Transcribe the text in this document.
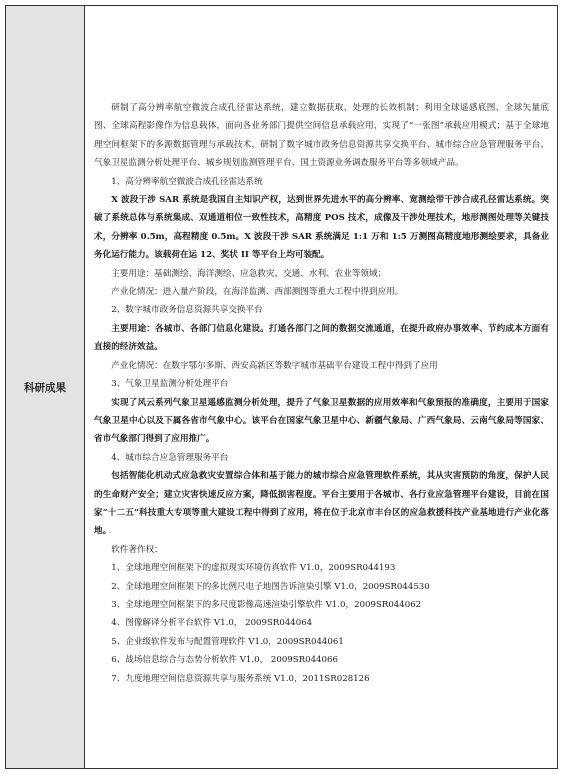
科研成果

研制了高分辨率航空微波合成孔径雷达系统，建立数据获取、处理的长效机制；利用全球遥感底图、全球矢量底图、全球高程影像作为信息载体，面向各业务部门提供空间信息承载应用，实现了“一张图”承载应用模式；基于全球地理空间框架下的多源数据管理与承载技术，研制了数字城市政务信息资源共享交换平台、城市综合应急管理服务平台、气象卫星监测分析处理平台、城乡规划监测管理平台、国土资源业务调查服务平台等多领域产品。

1、高分辨率航空微波合成孔径雷达系统

X 波段干涉 SAR 系统是我国自主知识产权，达到世界先进水平的高分辨率、宽测绘带干涉合成孔径雷达系统。突破了系统总体与系统集成、双通道相位一致性技术，高精度 POS 技术，成像及干涉处理技术，地形测图处理等关键技术，分辨率 0.5m，高程精度 0.5m。X 波段干涉 SAR 系统满足 1:1 万和 1:5 万测图高精度地形测绘要求，具备业务化运行能力。该载荷在运 12、奖状 II 等平台上均可装配。

主要用途：基础测绘、海洋测绘、应急救灾、交通、水利、农业等领域；

产业化情况：进入量产阶段，在海洋监测、西部测图等重大工程中得到应用。

2、数字城市政务信息资源共享交换平台

主要用途：各城市、各部门信息化建设。打通各部门之间的数据交流通道，在提升政府办事效率、节约成本方面有直接的经济效益。

产业化情况：在数字鄂尔多斯、西安高新区等数字城市基础平台建设工程中得到了应用

3、气象卫星监测分析处理平台

实现了风云系列气象卫星遥感监测分析处理，提升了气象卫星数据的应用效率和气象预报的准确度，主要用于国家气象卫星中心以及下属各省市气象中心。该平台在国家气象卫星中心、新疆气象局、广西气象局、云南气象局等国家、省市气象部门得到了应用推广。

4、城市综合应急管理服务平台

包括智能化机动式应急救灾安置综合体和基于能力的城市综合应急管理软件系统，其从灾害预防的角度，保护人民的生命财产安全；建立灾害快速反应方案，降低损害程度。平台主要用于各城市、各行业应急管理平台建设，目前在国家“十二五”科技重大专项等重大建设工程中得到了应用，将在位于北京市丰台区的应急救援科技产业基地进行产业化落地。

软件著作权：

1、全球地理空间框架下的虚拟现实环境仿真软件 V1.0，2009SR044193

2、全球地理空间框架下的多比例尺电子地图告诉渲染引擎 V1.0，2009SR044530

3、全球地理空间框架下的多尺度影像高速渲染引擎软件 V1.0，2009SR044062

4、图像解译分析平台软件 V1.0， 2009SR044064

5、企业级软件发布与配置管理软件 V1.0，2009SR044061

6、战场信息综合与态势分析软件 V1.0， 2009SR044066

7、九度地理空间信息资源共享与服务系统 V1.0，2011SR028126
